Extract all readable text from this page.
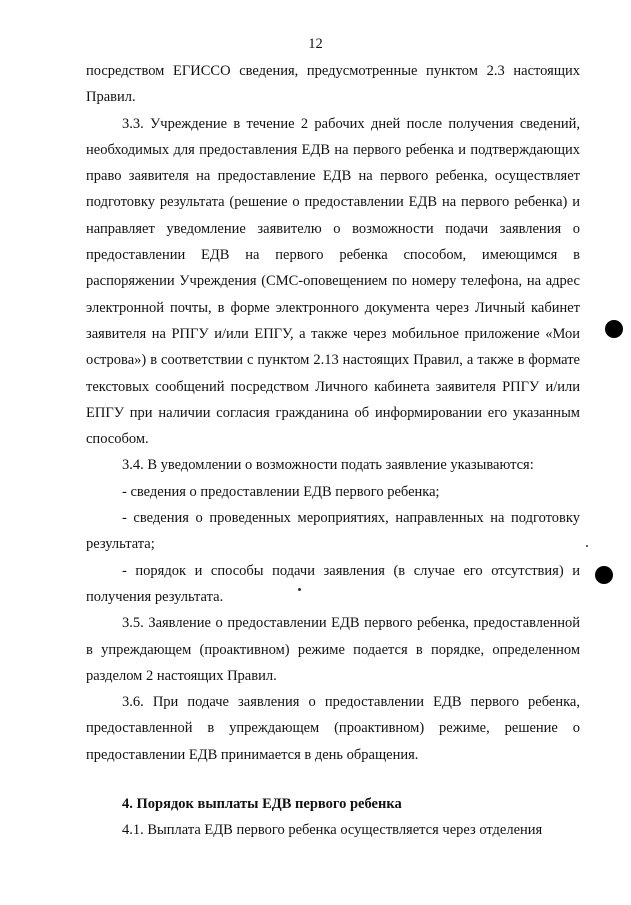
12

посредством ЕГИССО сведения, предусмотренные пунктом 2.3 настоящих Правил.

3.3. Учреждение в течение 2 рабочих дней после получения сведений, необходимых для предоставления ЕДВ на первого ребенка и подтверждающих право заявителя на предоставление ЕДВ на первого ребенка, осуществляет подготовку результата (решение о предоставлении ЕДВ на первого ребенка) и направляет уведомление заявителю о возможности подачи заявления о предоставлении ЕДВ на первого ребенка способом, имеющимся в распоряжении Учреждения (СМС-оповещением по номеру телефона, на адрес электронной почты, в форме электронного документа через Личный кабинет заявителя на РПГУ и/или ЕПГУ, а также через мобильное приложение «Мои острова») в соответствии с пунктом 2.13 настоящих Правил, а также в формате текстовых сообщений посредством Личного кабинета заявителя РПГУ и/или ЕПГУ при наличии согласия гражданина об информировании его указанным способом.

3.4. В уведомлении о возможности подать заявление указываются:

- сведения о предоставлении ЕДВ первого ребенка;

- сведения о проведенных мероприятиях, направленных на подготовку результата;

- порядок и способы подачи заявления (в случае его отсутствия) и получения результата.

3.5. Заявление о предоставлении ЕДВ первого ребенка, предоставленной в упреждающем (проактивном) режиме подается в порядке, определенном разделом 2 настоящих Правил.

3.6. При подаче заявления о предоставлении ЕДВ первого ребенка, предоставленной в упреждающем (проактивном) режиме, решение о предоставлении ЕДВ принимается в день обращения.

4. Порядок выплаты ЕДВ первого ребенка

4.1. Выплата ЕДВ первого ребенка осуществляется через отделения
